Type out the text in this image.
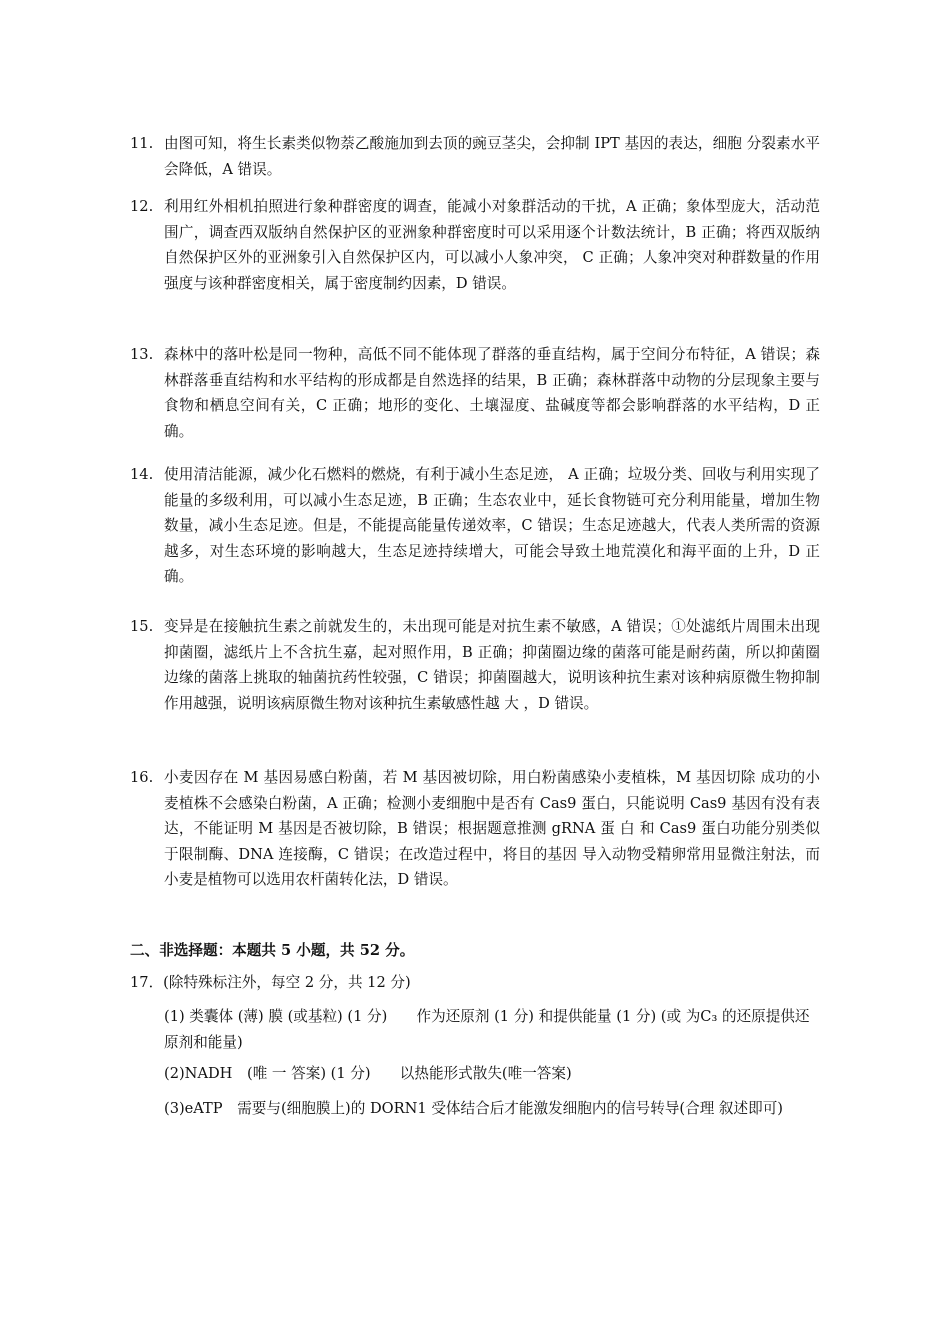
11. 由图可知，将生长素类似物萘乙酸施加到去顶的豌豆茎尖，会抑制 IPT 基因的表达，细胞 分裂素水平会降低，A 错误。
12. 利用红外相机拍照进行象种群密度的调查，能减小对象群活动的干扰，A 正确；象体型庞大，活动范围广，调查西双版纳自然保护区的亚洲象种群密度时可以采用逐个计数法统计，B 正确；将西双版纳自然保护区外的亚洲象引入自然保护区内，可以减小人象冲突， C 正确；人象冲突对种群数量的作用强度与该种群密度相关，属于密度制约因素，D 错误。
13. 森林中的落叶松是同一物种，高低不同不能体现了群落的垂直结构，属于空间分布特征，A 错误；森林群落垂直结构和水平结构的形成都是自然选择的结果，B 正确；森林群落中动物的分层现象主要与食物和栖息空间有关，C 正确；地形的变化、土壤湿度、盐碱度等都会影响群落的水平结构，D 正确。
14. 使用清洁能源，减少化石燃料的燃烧，有利于减小生态足迹， A 正确；垃圾分类、回收与利用实现了能量的多级利用，可以减小生态足迹，B 正确；生态农业中，延长食物链可充分利用能量，增加生物数量，减小生态足迹。但是，不能提高能量传递效率，C 错误；生态足迹越大，代表人类所需的资源越多，对生态环境的影响越大，生态足迹持续增大，可能会导致土地荒漠化和海平面的上升，D 正确。
15. 变异是在接触抗生素之前就发生的，未出现可能是对抗生素不敏感，A 错误；①处滤纸片周围未出现抑菌圈，滤纸片上不含抗生嘉，起对照作用，B 正确；抑菌圈边缘的菌落可能是耐药菌，所以抑菌圈边缘的菌落上挑取的轴菌抗药性较强，C 错误；抑菌圈越大，说明该种抗生素对该种病原微生物抑制作用越强，说明该病原微生物对该种抗生素敏感性越 大 ，D 错误。
16. 小麦因存在 M 基因易感白粉菌，若 M 基因被切除，用白粉菌感染小麦植株，M 基因切除 成功的小麦植株不会感染白粉菌，A 正确；检测小麦细胞中是否有 Cas9 蛋白，只能说明 Cas9 基因有没有表达，不能证明 M 基因是否被切除，B 错误；根据题意推测 gRNA 蛋 白 和 Cas9 蛋白功能分别类似于限制酶、DNA 连接酶，C 错误；在改造过程中，将目的基因 导入动物受精卵常用显微注射法，而小麦是植物可以选用农杆菌转化法，D 错误。
二、非选择题：本题共 5 小题，共 52 分。
17．(除特殊标注外，每空 2 分，共 12 分)
(1) 类囊体 (薄) 膜 (或基粒) (1 分)　　作为还原剂 (1 分) 和提供能量 (1 分) (或 为C₃ 的还原提供还原剂和能量)
(2)NADH　(唯 一 答案) (1 分)　　以热能形式散失(唯一答案)
(3)eATP　需要与(细胞膜上)的 DORN1 受体结合后才能激发细胞内的信号转导(合理 叙述即可)
